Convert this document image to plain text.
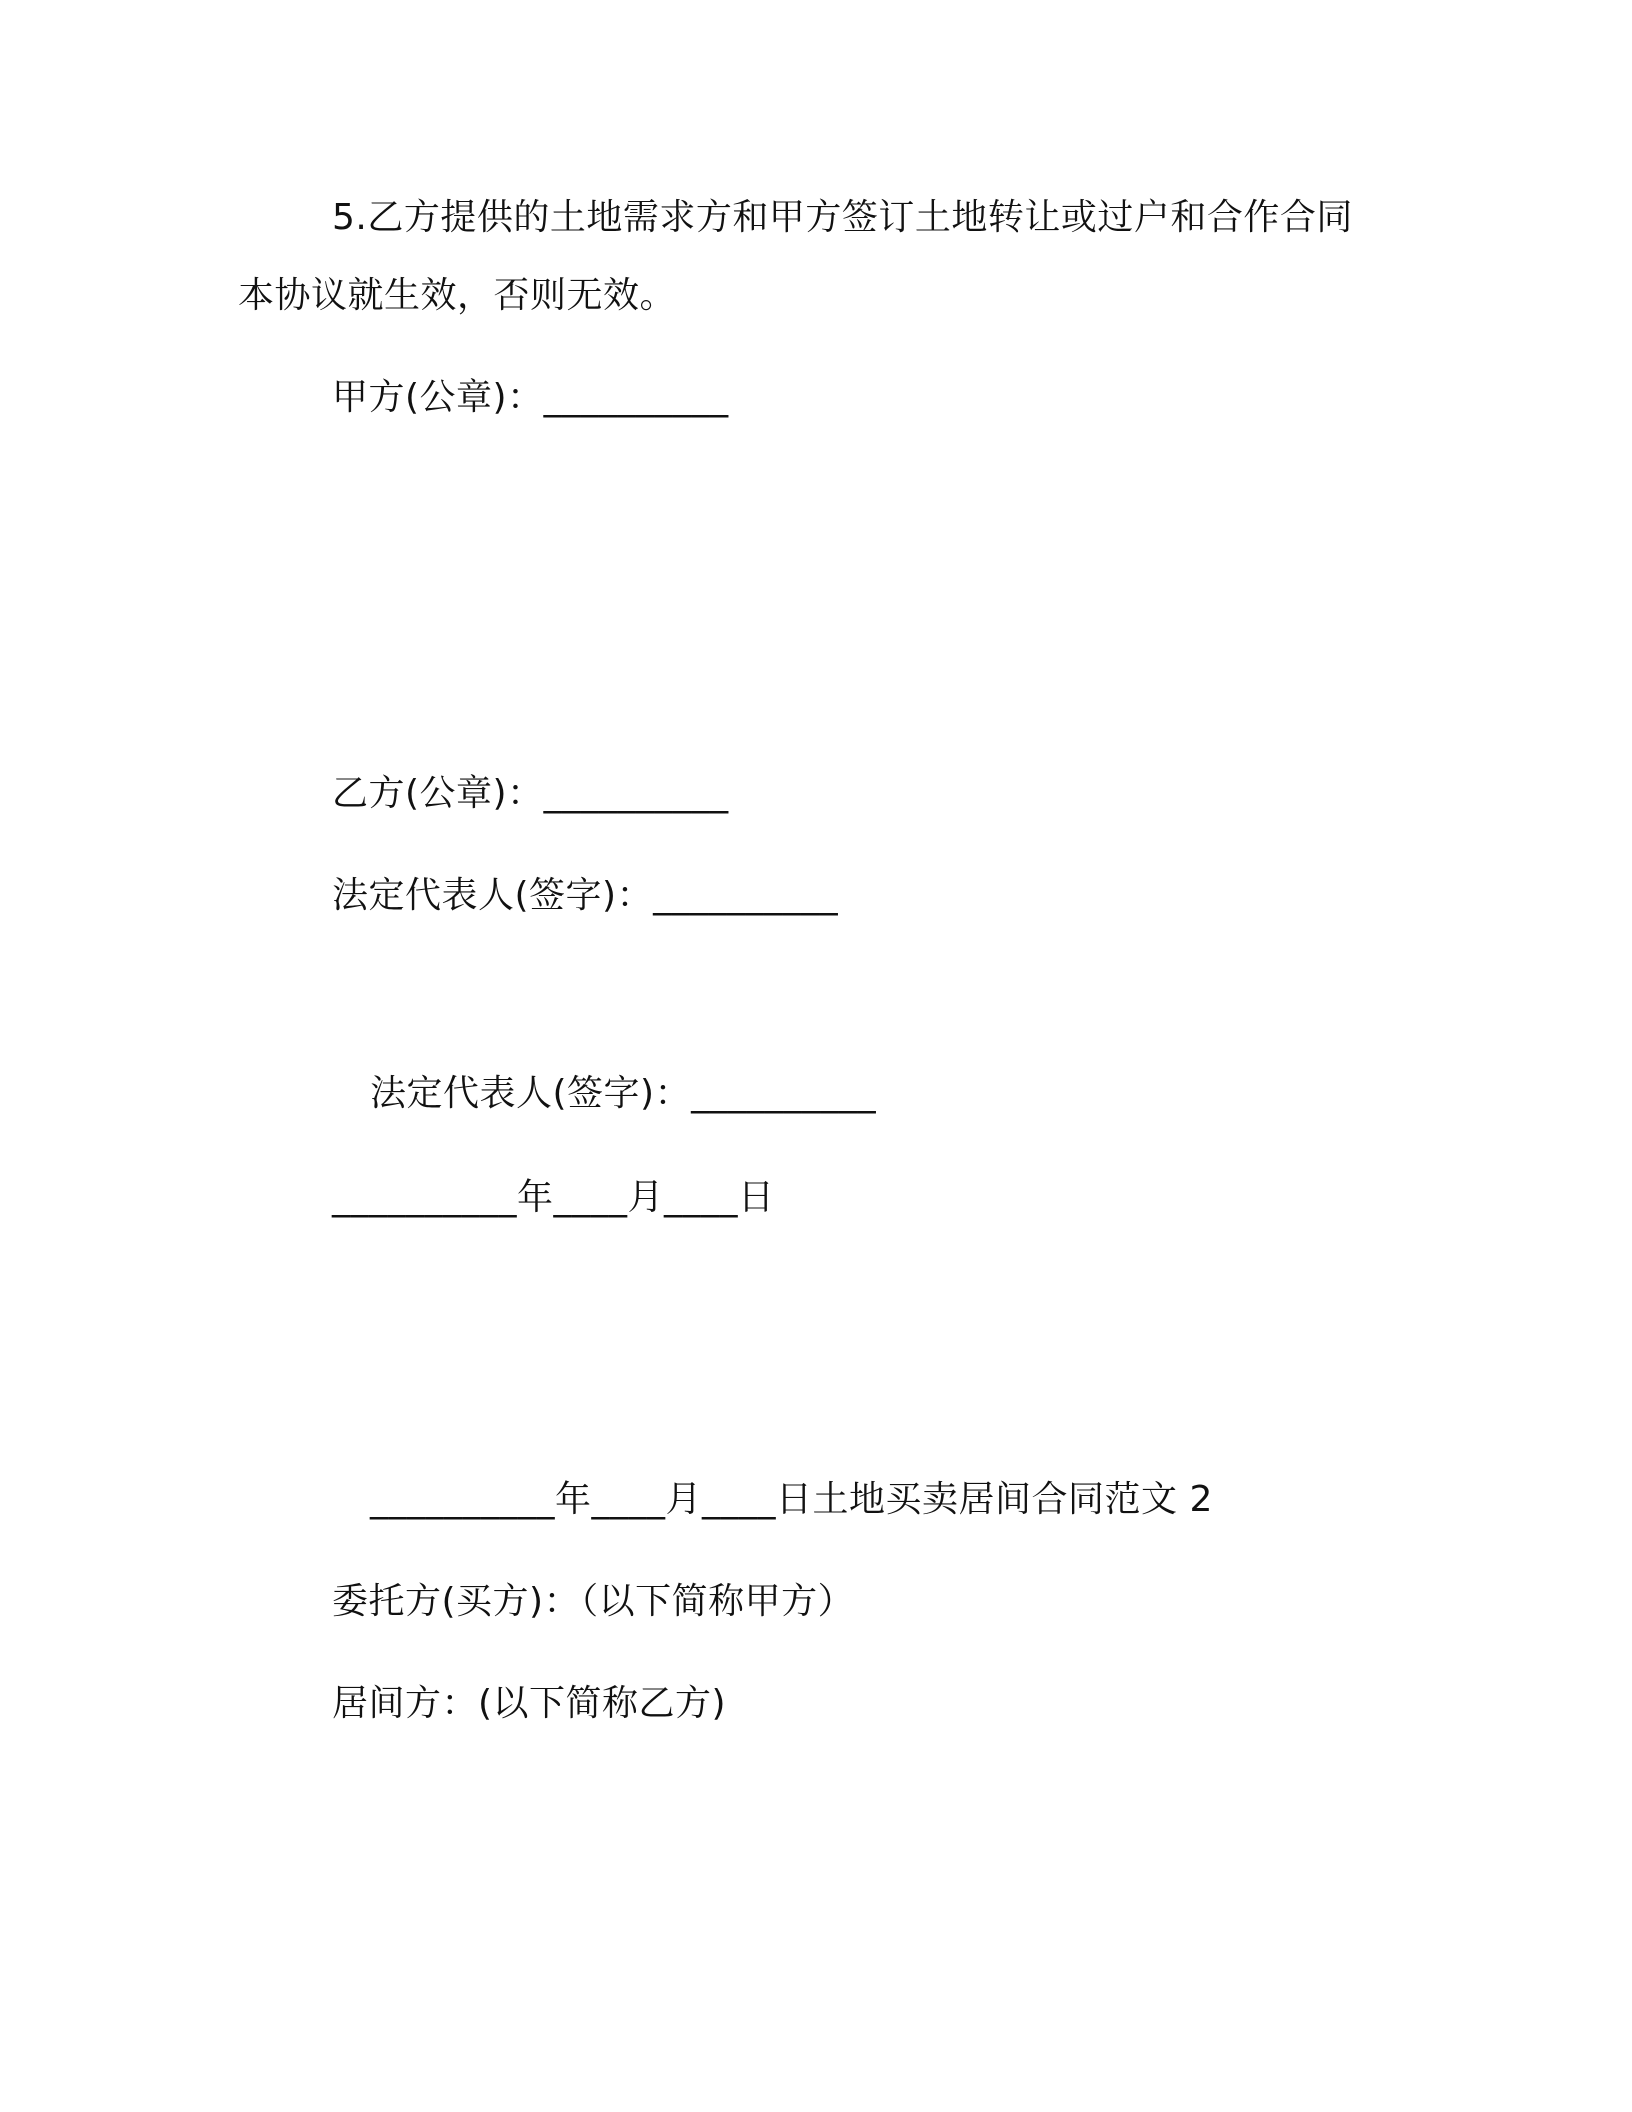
5.乙方提供的土地需求方和甲方签订土地转让或过户和合作合同
本协议就生效，否则无效。
甲方(公章)：__________
乙方(公章)：__________
法定代表人(签字)：__________
法定代表人(签字)：__________
__________年____月____日
__________年____月____日土地买卖居间合同范文 2
委托方(买方)：（以下简称甲方）
居间方：(以下简称乙方)
